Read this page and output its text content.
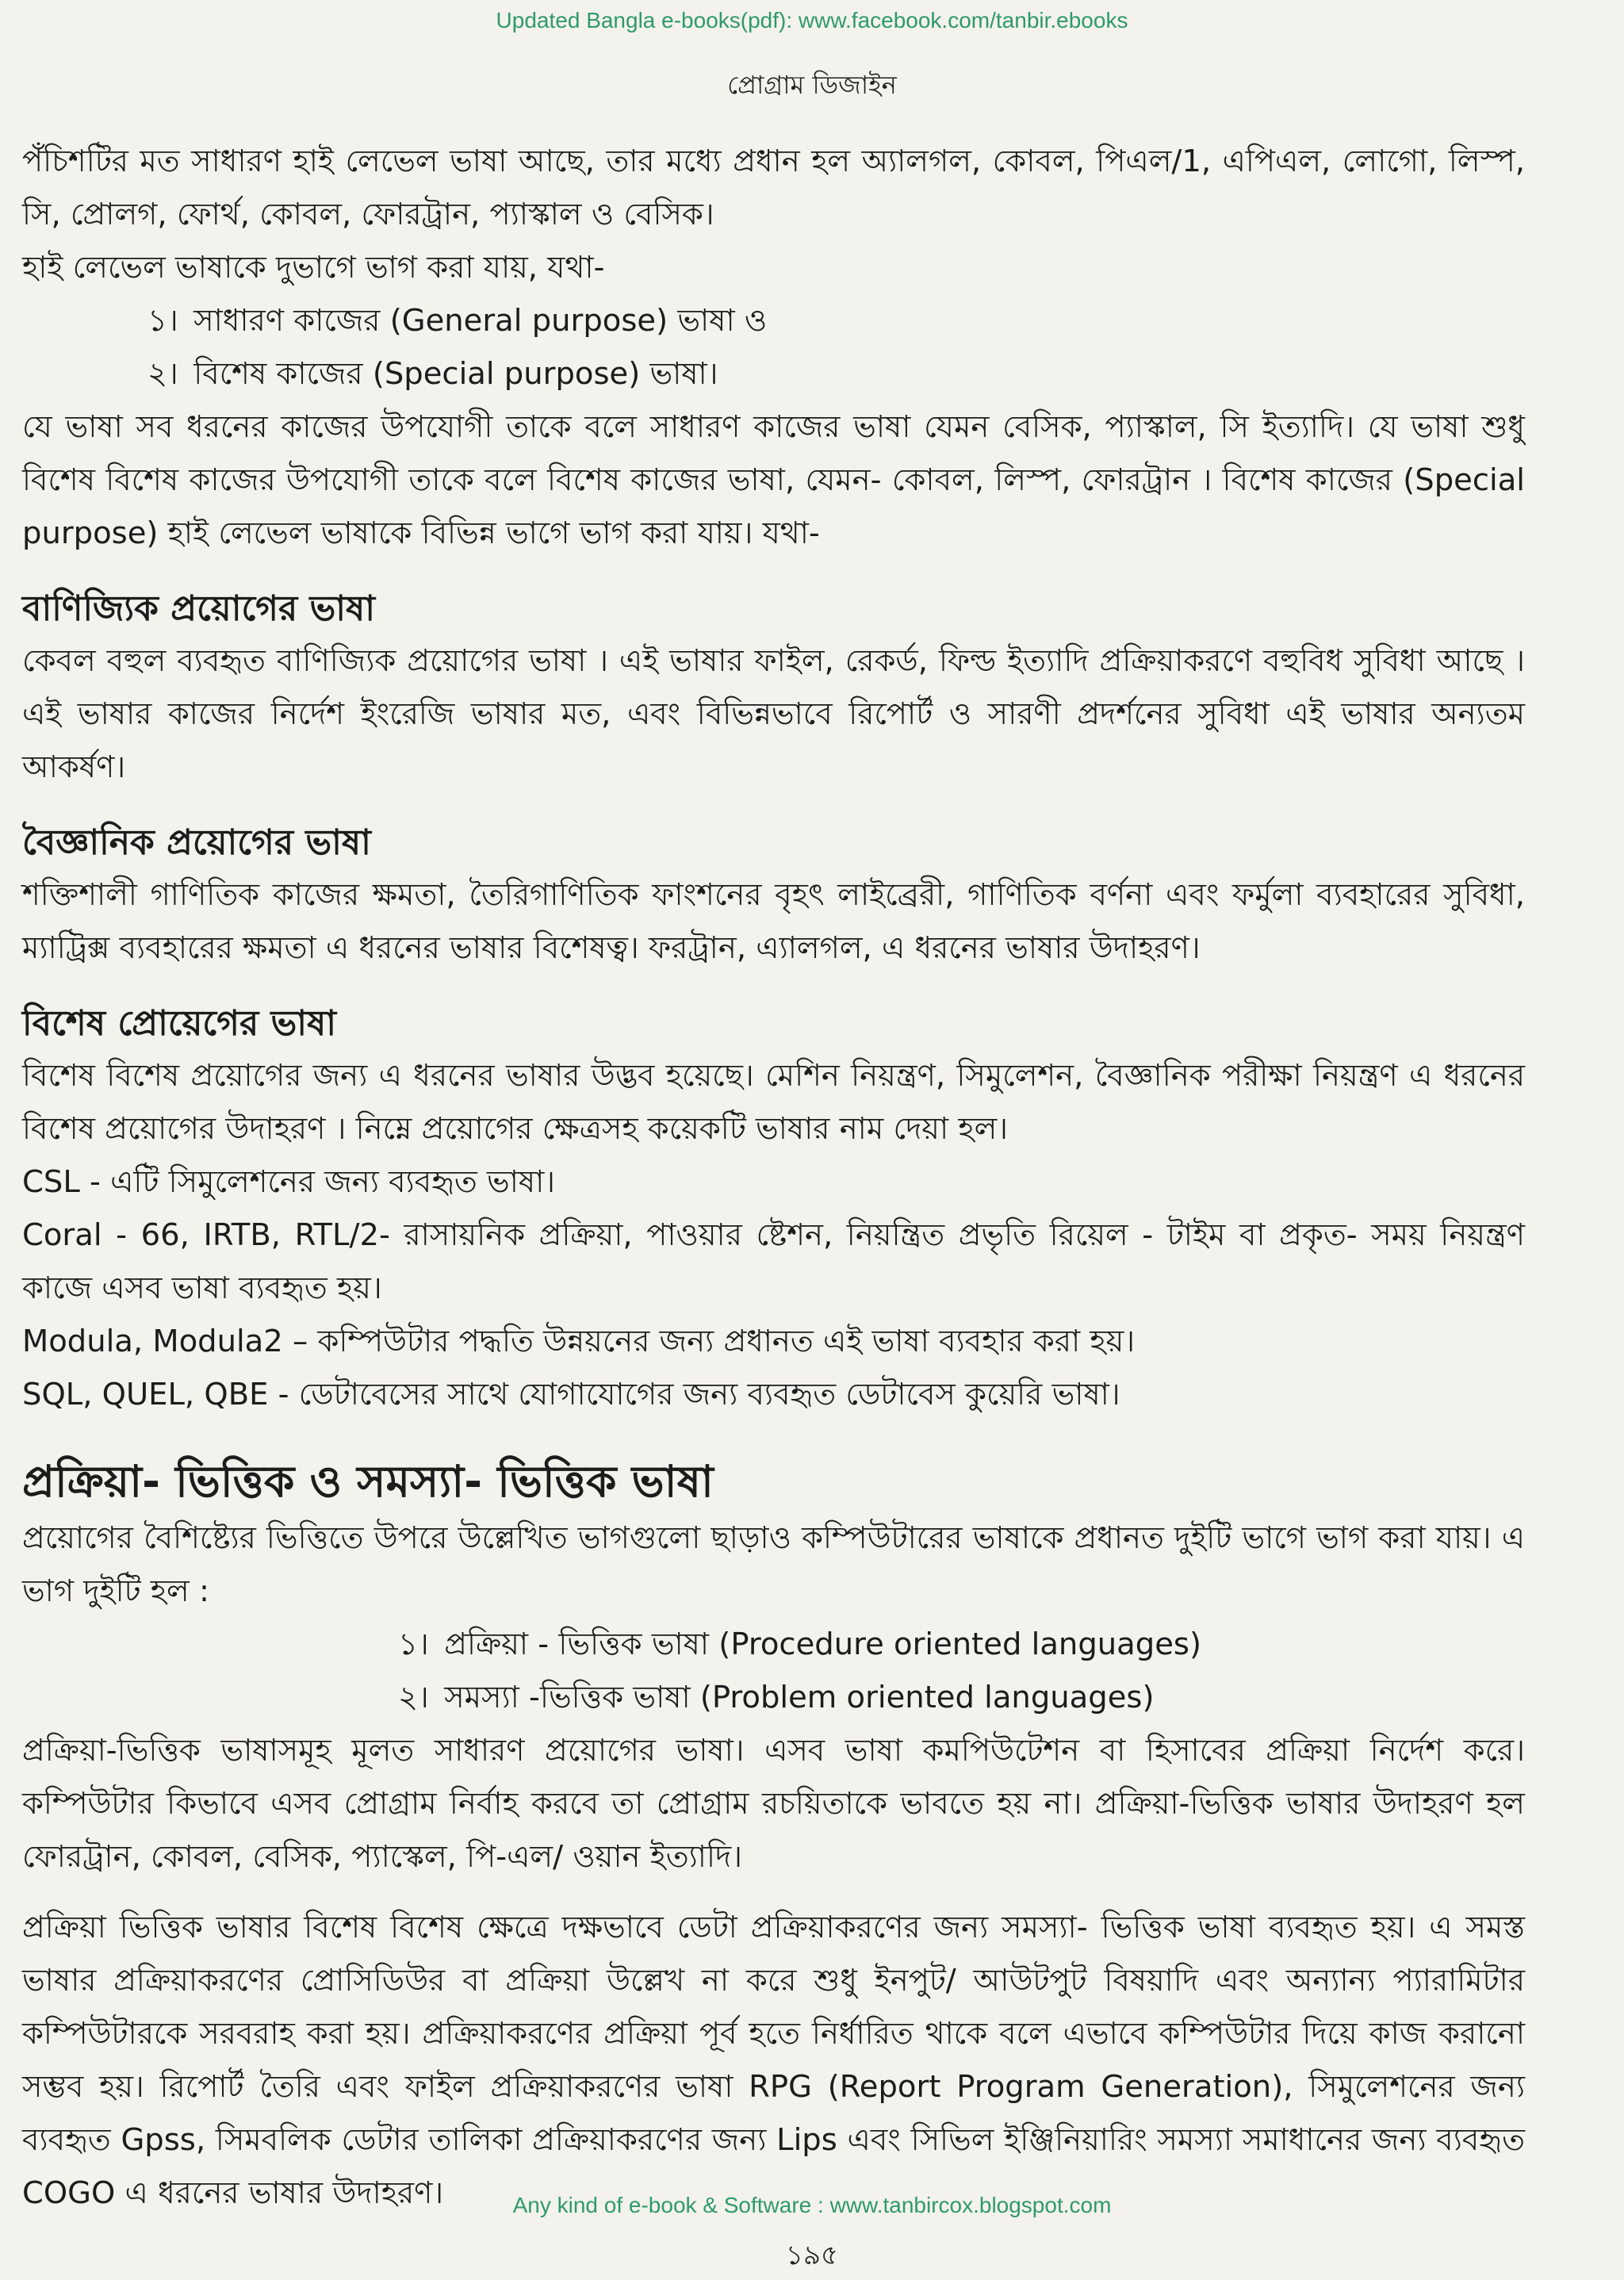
Updated Bangla e-books(pdf): www.facebook.com/tanbir.ebooks
প্রোগ্রাম ডিজাইন

পঁচিশটির মত সাধারণ হাই লেভেল ভাষা আছে, তার মধ্যে প্রধান হল অ্যালগল, কোবল, পিএল/1, এপিএল, লোগো, লিস্প, সি, প্রোলগ, ফোর্থ, কোবল, ফোরট্রান, প্যাস্কাল ও বেসিক।

হাই লেভেল ভাষাকে দুভাগে ভাগ করা যায়, যথা-

১। সাধারণ কাজের (General purpose) ভাষা ও
২। বিশেষ কাজের (Special purpose) ভাষা।

যে ভাষা সব ধরনের কাজের উপযোগী তাকে বলে সাধারণ কাজের ভাষা যেমন বেসিক, প্যাস্কাল, সি ইত্যাদি। যে ভাষা শুধু বিশেষ বিশেষ কাজের উপযোগী তাকে বলে বিশেষ কাজের ভাষা, যেমন- কোবল, লিস্প, ফোরট্রান । বিশেষ কাজের (Special purpose) হাই লেভেল ভাষাকে বিভিন্ন ভাগে ভাগ করা যায়। যথা-

বাণিজ্যিক প্রয়োগের ভাষা

কেবল বহুল ব্যবহৃত বাণিজ্যিক প্রয়োগের ভাষা । এই ভাষার ফাইল, রেকর্ড, ফিল্ড ইত্যাদি প্রক্রিয়াকরণে বহুবিধ সুবিধা আছে । এই ভাষার কাজের নির্দেশ ইংরেজি ভাষার মত, এবং বিভিন্নভাবে রিপোর্ট ও সারণী প্রদর্শনের সুবিধা এই ভাষার অন্যতম আকর্ষণ।

বৈজ্ঞানিক প্রয়োগের ভাষা

শক্তিশালী গাণিতিক কাজের ক্ষমতা, তৈরিগাণিতিক ফাংশনের বৃহৎ লাইব্রেরী, গাণিতিক বর্ণনা এবং ফর্মুলা ব্যবহারের সুবিধা, ম্যাট্রিক্স ব্যবহারের ক্ষমতা এ ধরনের ভাষার বিশেষত্ব। ফরট্রান, এ্যালগল, এ ধরনের ভাষার উদাহরণ।

বিশেষ প্রোয়েগের ভাষা

বিশেষ বিশেষ প্রয়োগের জন্য এ ধরনের ভাষার উদ্ভব হয়েছে। মেশিন নিয়ন্ত্রণ, সিমুলেশন, বৈজ্ঞানিক পরীক্ষা নিয়ন্ত্রণ এ ধরনের বিশেষ প্রয়োগের উদাহরণ । নিম্নে প্রয়োগের ক্ষেত্রসহ কয়েকটি ভাষার নাম দেয়া হল।

CSL - এটি সিমুলেশনের জন্য ব্যবহৃত ভাষা।

Coral - 66, IRTB, RTL/2- রাসায়নিক প্রক্রিয়া, পাওয়ার ষ্টেশন, নিয়ন্ত্রিত প্রভৃতি রিয়েল - টাইম বা প্রকৃত- সময় নিয়ন্ত্রণ কাজে এসব ভাষা ব্যবহৃত হয়।

Modula, Modula2 – কম্পিউটার পদ্ধতি উন্নয়নের জন্য প্রধানত এই ভাষা ব্যবহার করা হয়।

SQL, QUEL, QBE - ডেটাবেসের সাথে যোগাযোগের জন্য ব্যবহৃত ডেটাবেস কুয়েরি ভাষা।

প্রক্রিয়া- ভিত্তিক ও সমস্যা- ভিত্তিক ভাষা

প্রয়োগের বৈশিষ্ট্যের ভিত্তিতে উপরে উল্লেখিত ভাগগুলো ছাড়াও কম্পিউটারের ভাষাকে প্রধানত দুইটি ভাগে ভাগ করা যায়। এ ভাগ দুইটি হল :

১। প্রক্রিয়া - ভিত্তিক ভাষা (Procedure oriented languages)
২। সমস্যা -ভিত্তিক ভাষা (Problem oriented languages)

প্রক্রিয়া-ভিত্তিক ভাষাসমূহ মূলত সাধারণ প্রয়োগের ভাষা। এসব ভাষা কমপিউটেশন বা হিসাবের প্রক্রিয়া নির্দেশ করে। কম্পিউটার কিভাবে এসব প্রোগ্রাম নির্বাহ করবে তা প্রোগ্রাম রচয়িতাকে ভাবতে হয় না। প্রক্রিয়া-ভিত্তিক ভাষার উদাহরণ হল ফোরট্রান, কোবল, বেসিক, প্যাস্কেল, পি-এল/ ওয়ান ইত্যাদি।

প্রক্রিয়া ভিত্তিক ভাষার বিশেষ বিশেষ ক্ষেত্রে দক্ষভাবে ডেটা প্রক্রিয়াকরণের জন্য সমস্যা- ভিত্তিক ভাষা ব্যবহৃত হয়। এ সমস্ত ভাষার প্রক্রিয়াকরণের প্রোসিডিউর বা প্রক্রিয়া উল্লেখ না করে শুধু ইনপুট/ আউটপুট বিষয়াদি এবং অন্যান্য প্যারামিটার কম্পিউটারকে সরবরাহ করা হয়। প্রক্রিয়াকরণের প্রক্রিয়া পূর্ব হতে নির্ধারিত থাকে বলে এভাবে কম্পিউটার দিয়ে কাজ করানো সম্ভব হয়। রিপোর্ট তৈরি এবং ফাইল প্রক্রিয়াকরণের ভাষা RPG (Report Program Generation), সিমুলেশনের জন্য ব্যবহৃত Gpss, সিমবলিক ডেটার তালিকা প্রক্রিয়াকরণের জন্য Lips এবং সিভিল ইঞ্জিনিয়ারিং সমস্যা সমাধানের জন্য ব্যবহৃত COGO এ ধরনের ভাষার উদাহরণ।	Any kind of e-book & Software : www.tanbircox.blogspot.com
১৯৫
